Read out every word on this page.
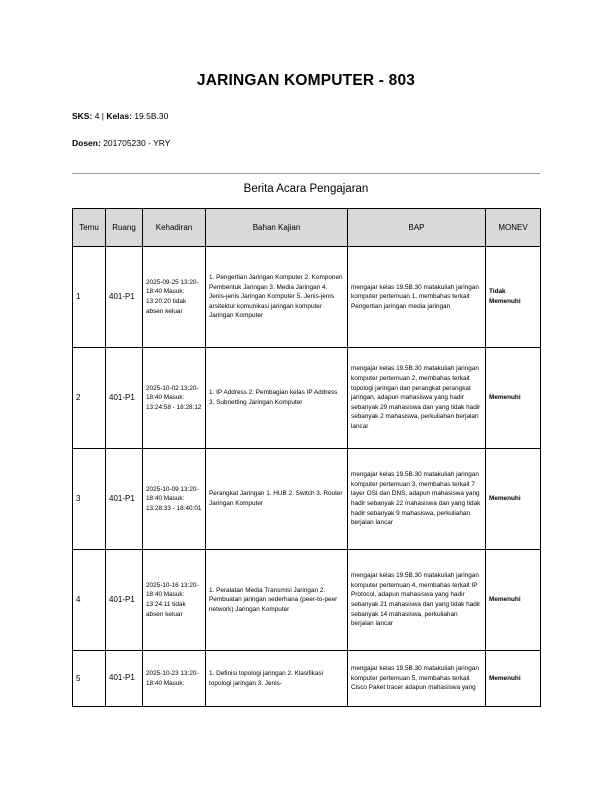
JARINGAN KOMPUTER - 803
SKS: 4 | Kelas: 19.5B.30
Dosen: 201705230 - YRY
Berita Acara Pengajaran
Temu	Ruang	Kehadiran	Bahan Kajian	BAP	MONEV
1	401-P1	2025-09-25 13:20-18:40 Masuk: 13:20:20 tidak absen keluar	1. Pengertian Jaringan Komputer 2. Komponen Pembentuk Jaringan 3. Media Jaringan 4. Jenis-jenis Jaringan Komputer 5. Jenis-jenis arsitektur komunikasi jaringan komputer Jaringan Komputer	mengajar kelas 19.5B.30 matakuliah jaringan komputer pertemuan 1, membahas terkait Pengertian jaringan media jaringan	Tidak Memenuhi
2	401-P1	2025-10-02 13:20-18:40 Masuk: 13:24:58 - 18:28:12	1. IP Address 2. Pembagian kelas IP Address 3. Subnetting Jaringan Komputer	mengajar kelas 19.5B.30 matakuliah jaringan komputer pertemuan 2, membahas terkait topologi jaringan dan perangkat perangkat jaringan, adapun mahasiswa yang hadir sebanyak 29 mahasiswa dan yang tidak hadir sebanyak 2 mahasiswa, perkuliahan berjalan lancar	Memenuhi
3	401-P1	2025-10-09 13:20-18:40 Masuk: 13:28:33 - 18:40:01	Perangkat Jaringan 1. HUB 2. Switch 3. Router Jaringan Komputer	mengajar kelas 19.5B.30 matakuliah jaringan komputer pertemuan 3, membahas terkait 7 layer OSI dan DNS, adapun mahasiswa yang hadir sebanyak 22 mahasiswa dan yang tidak hadir sebanyak 9 mahasiswa, perkuliahan berjalan lancar	Memenuhi
4	401-P1	2025-10-16 13:20-18:40 Masuk: 13:24:11 tidak absen keluar	1. Peralatan Media Transmisi Jaringan 2. Pembuatan jaringan sederhana (peer-to-peer network) Jaringan Komputer	mengajar kelas 19.5B.30 matakuliah jaringan komputer pertemuan 4, membahas terkait IP Protocol, adapun mahasiswa yang hadir sebanyak 21 mahasiswa dan yang tidak hadir sebanyak 14 mahasiswa, perkuliahan berjalan lancar	Memenuhi
5	401-P1	2025-10-23 13:20-18:40 Masuk:	1. Definisi topologi jaringan 2. Klasifikasi topologi jaringan 3. Jenis-	mengajar kelas 19.5B.30 matakuliah jaringan komputer pertemuan 5, membahas terkait Cisco Paket tracer adapun mahasiswa yang	Memenuhi
